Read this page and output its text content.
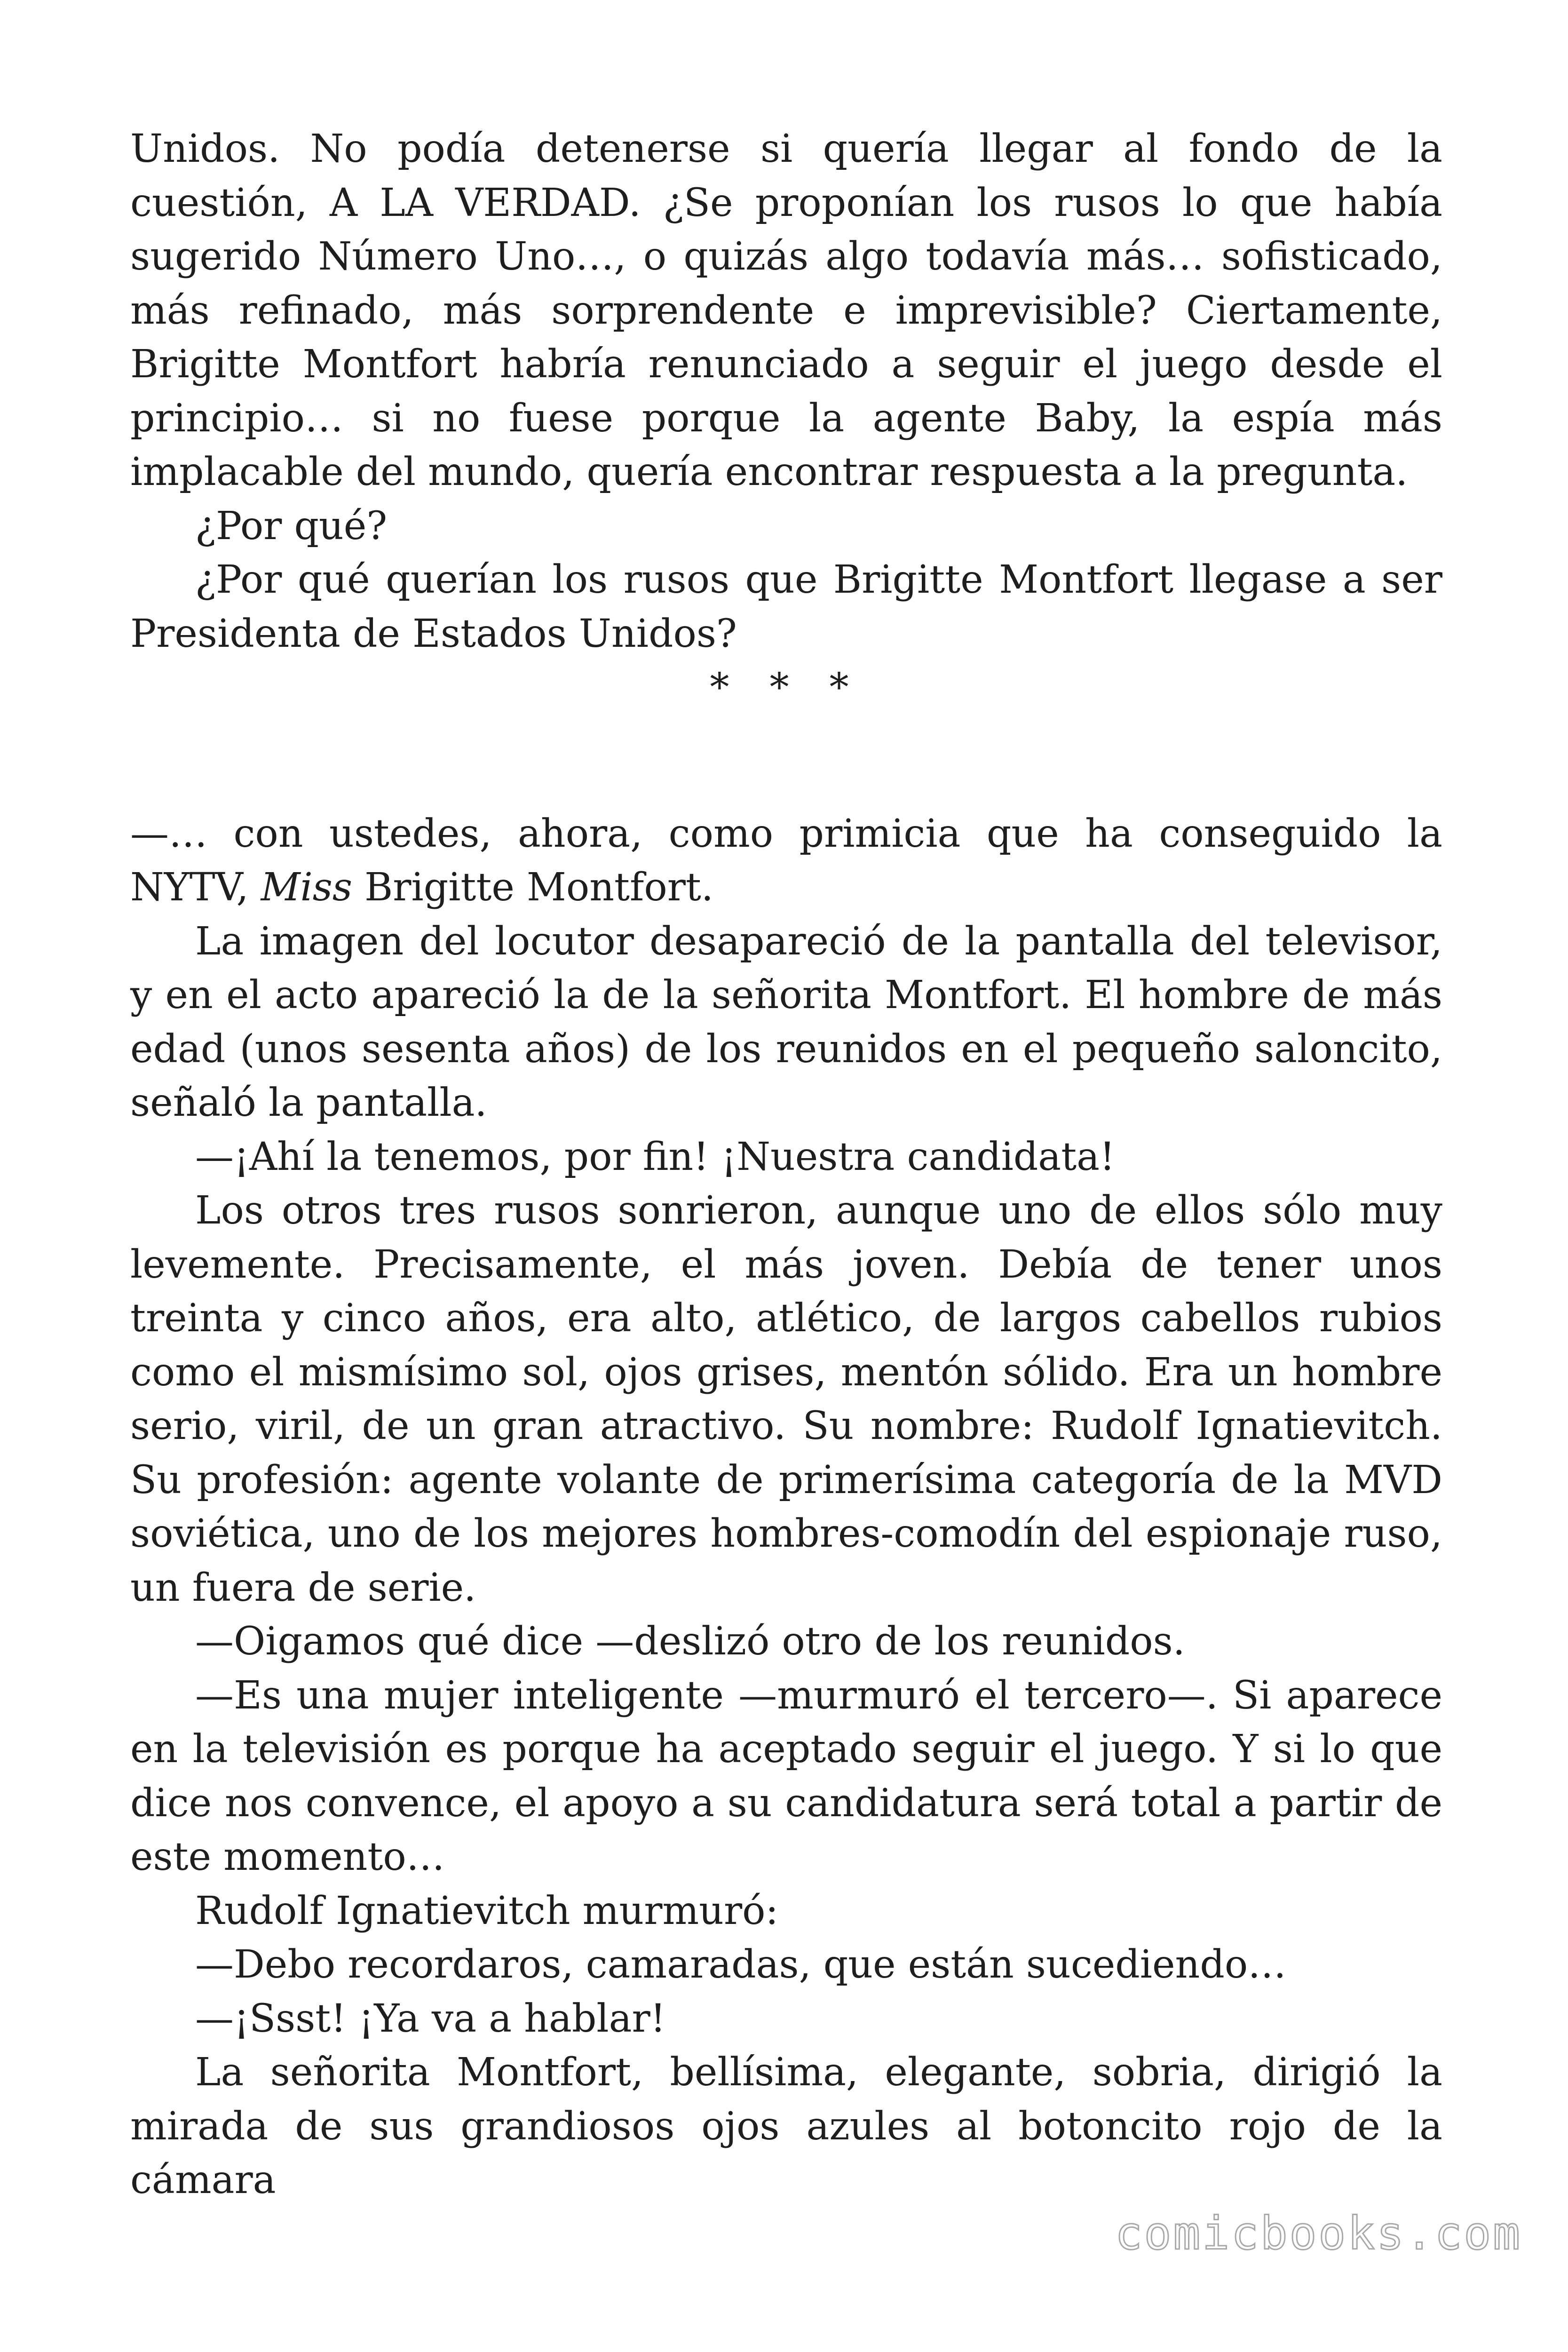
Unidos. No podía detenerse si quería llegar al fondo de la cuestión, A LA VERDAD. ¿Se proponían los rusos lo que había sugerido Número Uno…, o quizás algo todavía más… sofisticado, más refinado, más sorprendente e imprevisible? Ciertamente, Brigitte Montfort habría renunciado a seguir el juego desde el principio… si no fuese porque la agente Baby, la espía más implacable del mundo, quería encontrar respuesta a la pregunta.

¿Por qué?

¿Por qué querían los rusos que Brigitte Montfort llegase a ser Presidenta de Estados Unidos?

* * *

—… con ustedes, ahora, como primicia que ha conseguido la NYTV, Miss Brigitte Montfort.

La imagen del locutor desapareció de la pantalla del televisor, y en el acto apareció la de la señorita Montfort. El hombre de más edad (unos sesenta años) de los reunidos en el pequeño saloncito, señaló la pantalla.

—¡Ahí la tenemos, por fin! ¡Nuestra candidata!

Los otros tres rusos sonrieron, aunque uno de ellos sólo muy levemente. Precisamente, el más joven. Debía de tener unos treinta y cinco años, era alto, atlético, de largos cabellos rubios como el mismísimo sol, ojos grises, mentón sólido. Era un hombre serio, viril, de un gran atractivo. Su nombre: Rudolf Ignatievitch. Su profesión: agente volante de primerísima categoría de la MVD soviética, uno de los mejores hombres-comodín del espionaje ruso, un fuera de serie.

—Oigamos qué dice —deslizó otro de los reunidos.

—Es una mujer inteligente —murmuró el tercero—. Si aparece en la televisión es porque ha aceptado seguir el juego. Y si lo que dice nos convence, el apoyo a su candidatura será total a partir de este momento…

Rudolf Ignatievitch murmuró:

—Debo recordaros, camaradas, que están sucediendo…

—¡Ssst! ¡Ya va a hablar!

La señorita Montfort, bellísima, elegante, sobria, dirigió la mirada de sus grandiosos ojos azules al botoncito rojo de la cámara

comicbooks.com
